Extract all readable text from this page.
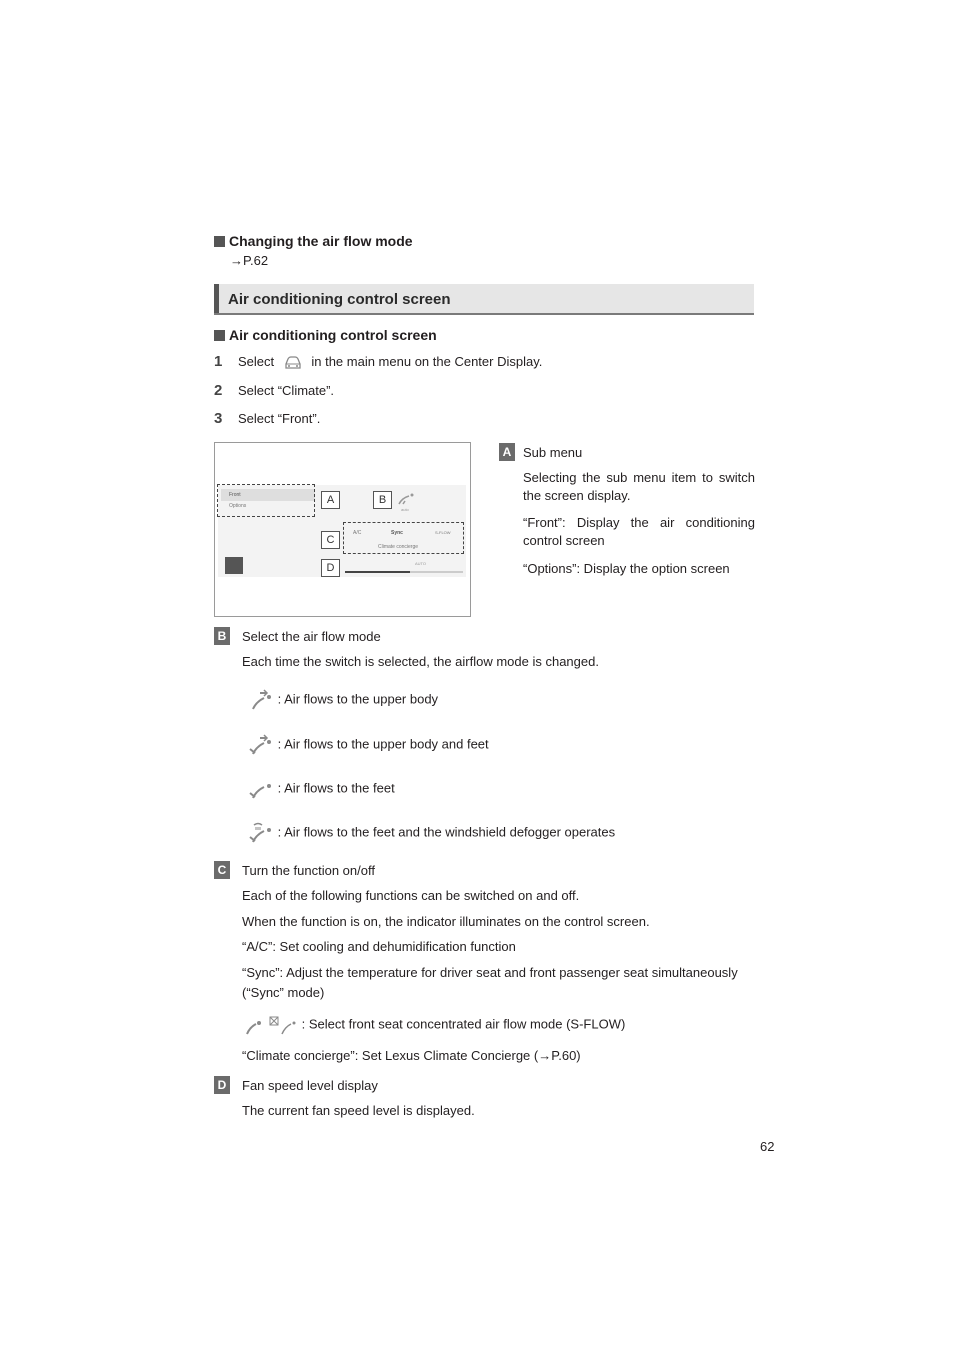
Changing the air flow mode
→P.62
Air conditioning control screen
Air conditioning control screen
1 Select	in the main menu on the Center Display.
2 Select “Climate”.
3 Select “Front”.
Front
Options	A	B
auto
C
A/C	Sync	S-FLOW
Climate concierge
D	AUTO
A Sub menu
Selecting the sub menu item to switch the screen display.
“Front”: Display the air conditioning control screen
“Options”: Display the option screen
B Select the air flow mode
Each time the switch is selected, the airflow mode is changed.
: Air flows to the upper body
: Air flows to the upper body and feet
: Air flows to the feet
: Air flows to the feet and the windshield defogger operates
C Turn the function on/off
Each of the following functions can be switched on and off.
When the function is on, the indicator illuminates on the control screen.
“A/C”: Set cooling and dehumidification function
“Sync”: Adjust the temperature for driver seat and front passenger seat simultaneously
(“Sync” mode)
: Select front seat concentrated air flow mode (S-FLOW)
“Climate concierge”: Set Lexus Climate Concierge (→P.60)
D Fan speed level display
The current fan speed level is displayed.
62
